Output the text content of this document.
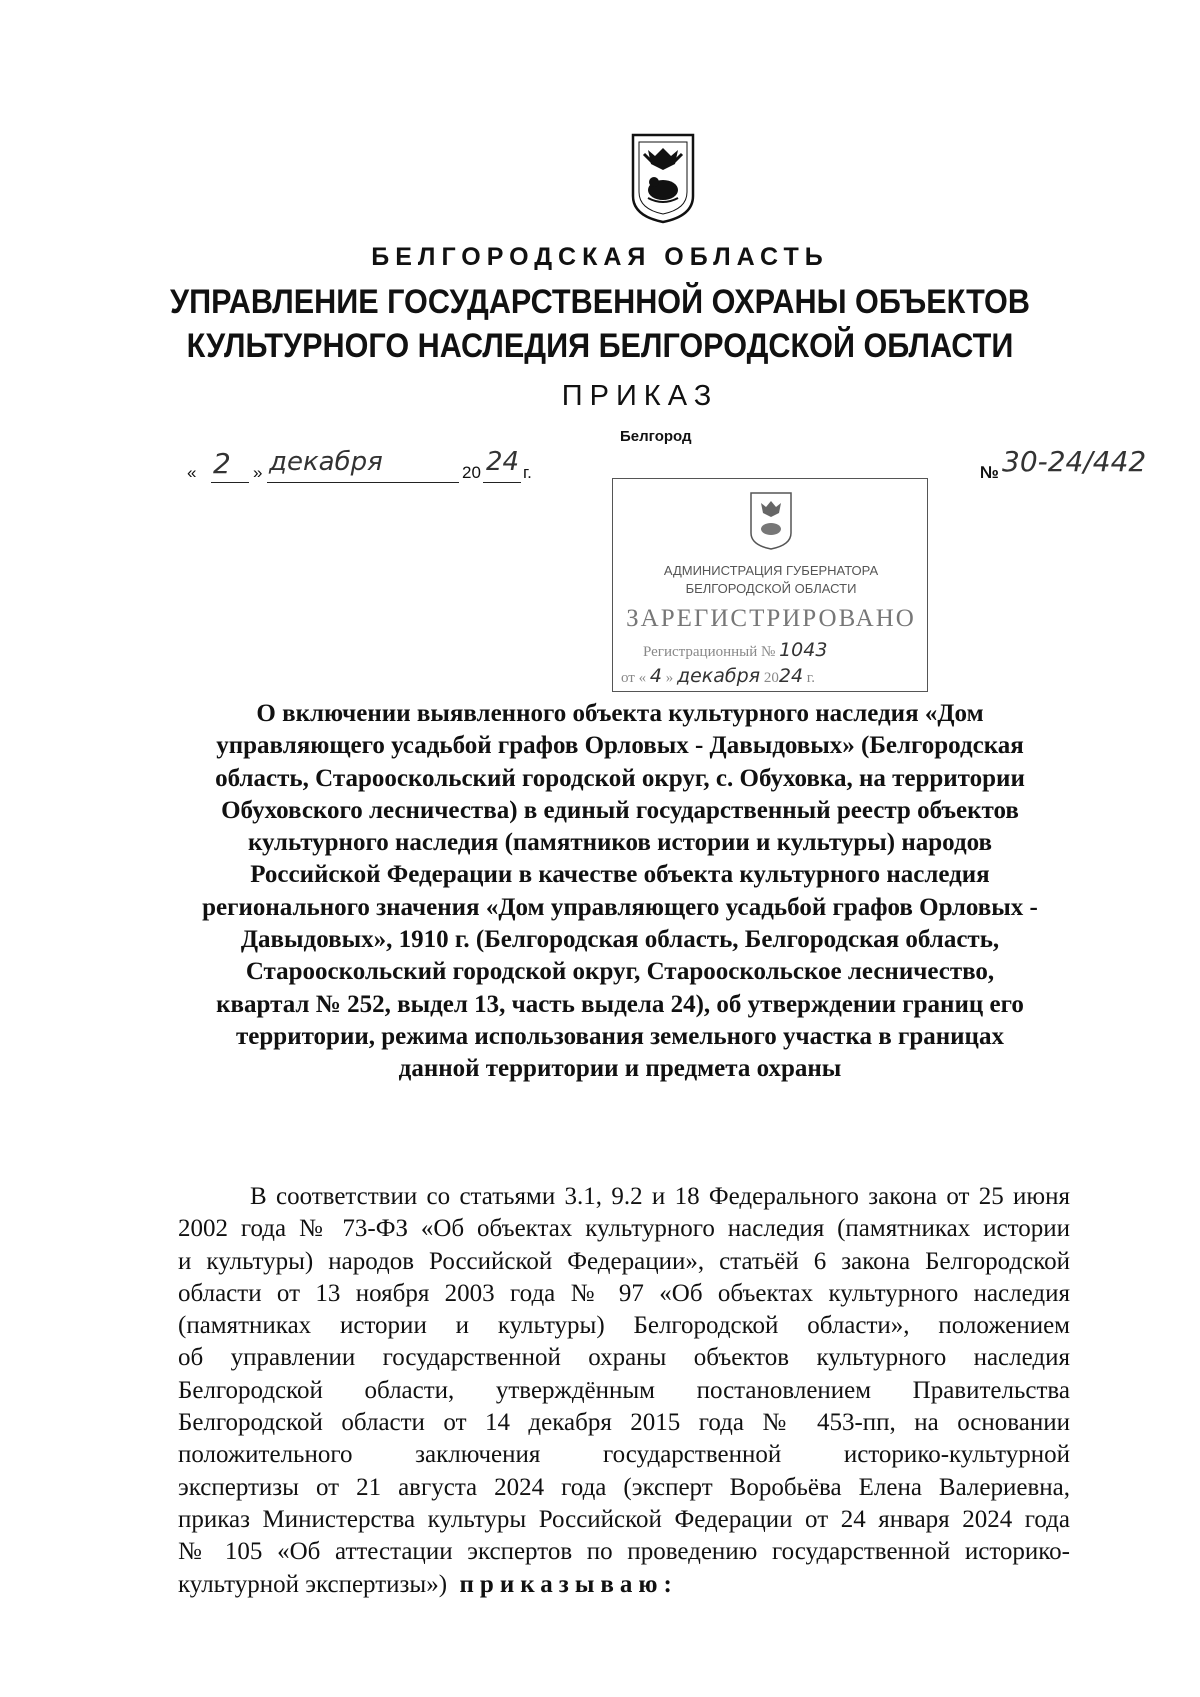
БЕЛГОРОДСКАЯ ОБЛАСТЬ
УПРАВЛЕНИЕ ГОСУДАРСТВЕННОЙ ОХРАНЫ ОБЪЕКТОВ
КУЛЬТУРНОГО НАСЛЕДИЯ БЕЛГОРОДСКОЙ ОБЛАСТИ
ПРИКАЗ
Белгород
« 2	» декабря	20 24 г.	№ 30-24/442
АДМИНИСТРАЦИЯ ГУБЕРНАТОРА
БЕЛГОРОДСКОЙ ОБЛАСТИ
ЗАРЕГИСТРИРОВАНО
Регистрационный № 1043
от « 4 » декабря 2024 г.
О включении выявленного объекта культурного наследия «Дом
управляющего усадьбой графов Орловых - Давыдовых» (Белгородская
область, Старооскольский городской округ, с. Обуховка, на территории
Обуховского лесничества) в единый государственный реестр объектов
культурного наследия (памятников истории и культуры) народов
Российской Федерации в качестве объекта культурного наследия
регионального значения «Дом управляющего усадьбой графов Орловых -
Давыдовых», 1910 г. (Белгородская область, Белгородская область,
Старооскольский городской округ, Старооскольское лесничество,
квартал № 252, выдел 13, часть выдела 24), об утверждении границ его
территории, режима использования земельного участка в границах
данной территории и предмета охраны
В соответствии со статьями 3.1, 9.2 и 18 Федерального закона от 25 июня
2002 года № 73-ФЗ «Об объектах культурного наследия (памятниках истории
и культуры) народов Российской Федерации», статьёй 6 закона Белгородской
области от 13 ноября 2003 года № 97 «Об объектах культурного наследия
(памятниках истории и культуры) Белгородской области», положением
об управлении государственной охраны объектов культурного наследия
Белгородской области, утверждённым постановлением Правительства
Белгородской области от 14 декабря 2015 года № 453-пп, на основании
положительного заключения государственной историко-культурной
экспертизы от 21 августа 2024 года (эксперт Воробьёва Елена Валериевна,
приказ Министерства культуры Российской Федерации от 24 января 2024 года
№ 105 «Об аттестации экспертов по проведению государственной историко-
культурной экспертизы») приказываю:
